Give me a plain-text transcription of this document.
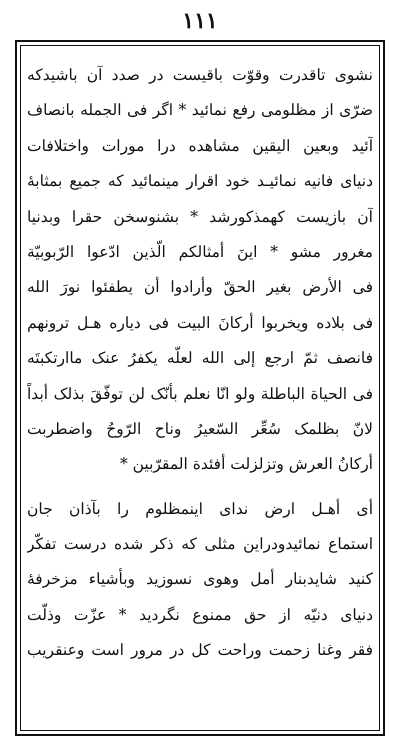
١١١
نشوی تاقدرت وقوّت باقیست در صدد آن باشیدکه
ضرّی از مظلومی رفع نمائید * اگر فی الجمله بانصاف
آئید وبعین الیقین مشاهده درا مورات واختلافات
دنیای فانیه نمائیـد خود اقرار مینمائید که جمیع بمثابهٔ
آن بازیست کهمذکورشد * بشنوسخن حقرا وبدنیا
مغرور مشو * اینَ أمثالکم الّذین ادّعوا الرّبوبیّة
فی الأرض بغیر الحقّ وأرادوا أن یطفئوا نورَ الله
فی بلاده ویخربوا أرکانَ البیت فی دیاره هـل ترونهم
فانصف ثمّ ارجع إلی الله لعلّه یکفرُ عنک ماارتکبتَه
فی الحیاة الباطلة ولو انّا نعلم بأنّک لن توفّقَ بذلک أبداً
لانّ بظلمک سُعِّر السّعیرُ وناح الرّوحُ واضطربت
أرکانُ العرش وتزلزلت أفئدة المقرّبین *
أی أهـل ارض ندای اینمظلوم را بآذان جان
استماع نمائیدودراین مثلی که ذکر شده درست تفکّر
کنید شایدبنار أمل وهوی نسوزید وبأشیاء مزخرفهٔ
دنیای دنیّه از حق ممنوع نگردید * عزّت وذلّت
فقر وغنا زحمت وراحت کل در مرور است وعنقریب
